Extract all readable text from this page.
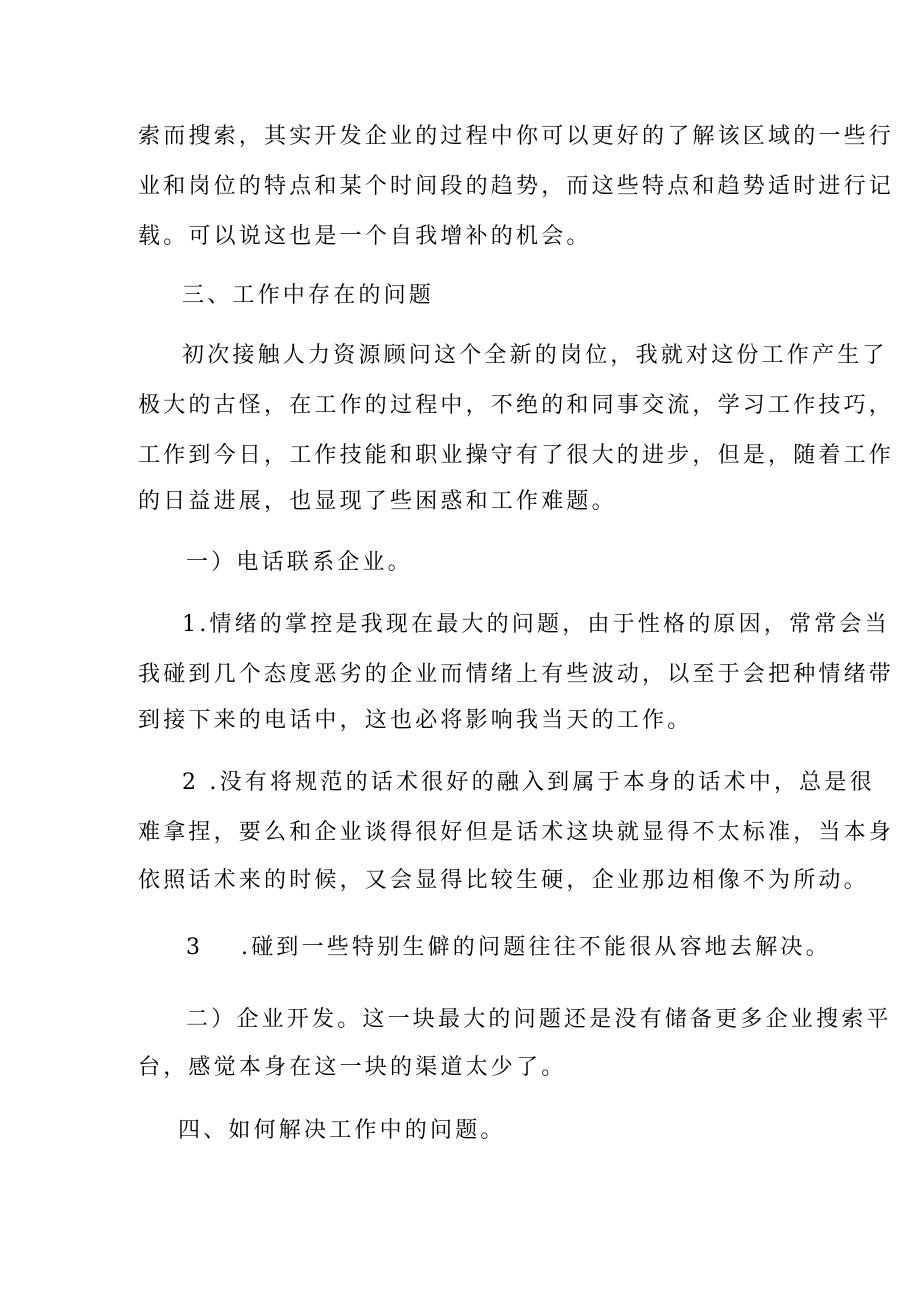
索而搜索，其实开发企业的过程中你可以更好的了解该区域的一些行
业和岗位的特点和某个时间段的趋势，而这些特点和趋势适时进行记
载。可以说这也是一个自我增补的机会。
三、工作中存在的问题
初次接触人力资源顾问这个全新的岗位，我就对这份工作产生了
极大的古怪，在工作的过程中，不绝的和同事交流，学习工作技巧，
工作到今日，工作技能和职业操守有了很大的进步，但是，随着工作
的日益进展，也显现了些困惑和工作难题。
一）电话联系企业。
1.情绪的掌控是我现在最大的问题，由于性格的原因，常常会当
我碰到几个态度恶劣的企业而情绪上有些波动，以至于会把种情绪带
到接下来的电话中，这也必将影响我当天的工作。
2 .没有将规范的话术很好的融入到属于本身的话术中，总是很
难拿捏，要么和企业谈得很好但是话术这块就显得不太标准，当本身
依照话术来的时候，又会显得比较生硬，企业那边相像不为所动。
3 .碰到一些特别生僻的问题往往不能很从容地去解决。
二）企业开发。这一块最大的问题还是没有储备更多企业搜索平
台，感觉本身在这一块的渠道太少了。
四、如何解决工作中的问题。
